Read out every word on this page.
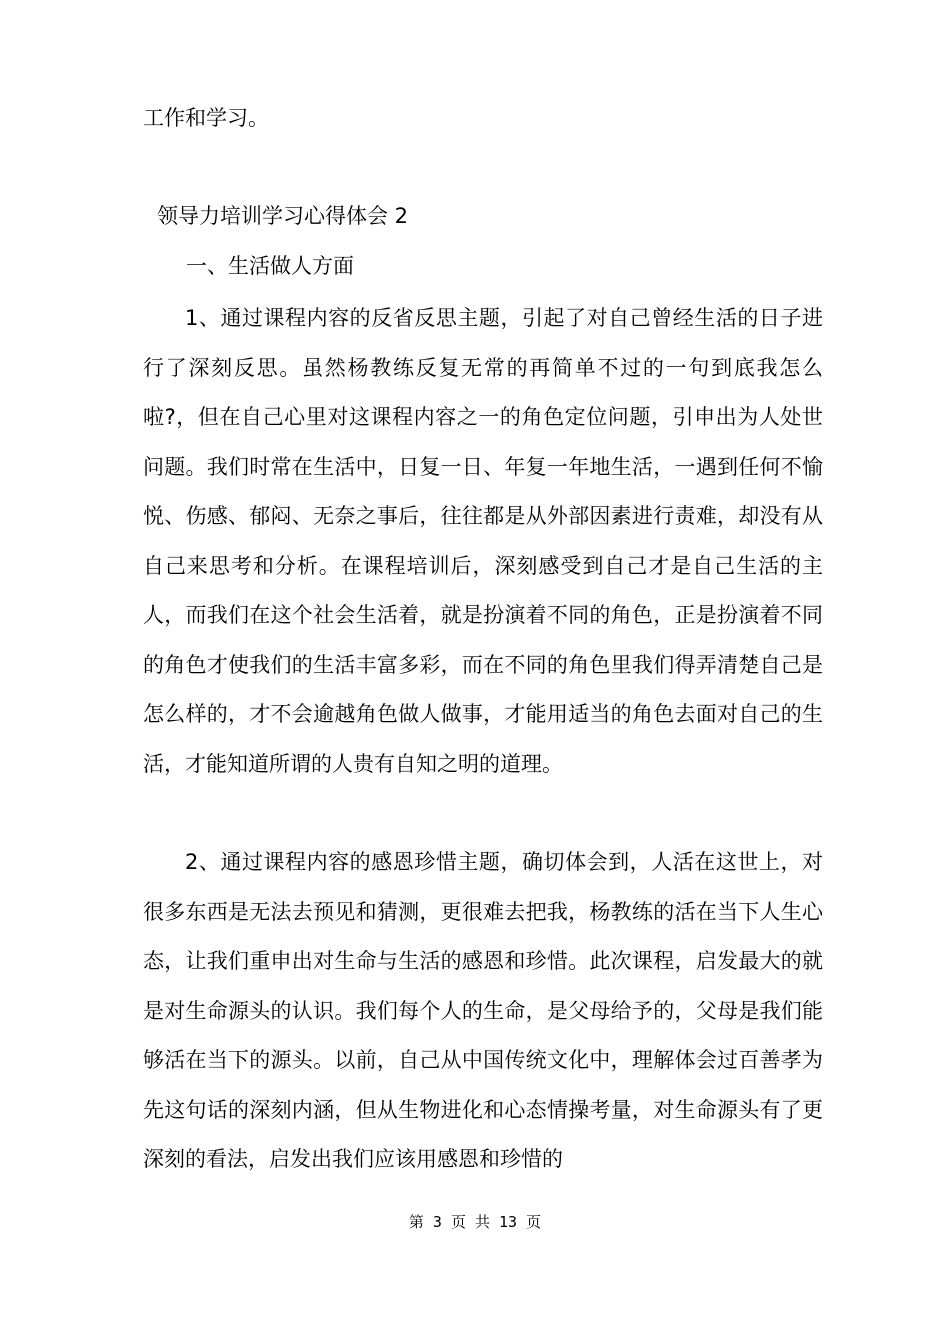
工作和学习。

领导力培训学习心得体会 2

一、生活做人方面

1、通过课程内容的反省反思主题，引起了对自己曾经生活的日子进行了深刻反思。虽然杨教练反复无常的再简单不过的一句到底我怎么啦?，但在自己心里对这课程内容之一的角色定位问题，引申出为人处世问题。我们时常在生活中，日复一日、年复一年地生活，一遇到任何不愉悦、伤感、郁闷、无奈之事后，往往都是从外部因素进行责难，却没有从自己来思考和分析。在课程培训后，深刻感受到自己才是自己生活的主人，而我们在这个社会生活着，就是扮演着不同的角色，正是扮演着不同的角色才使我们的生活丰富多彩，而在不同的角色里我们得弄清楚自己是怎么样的，才不会逾越角色做人做事，才能用适当的角色去面对自己的生活，才能知道所谓的人贵有自知之明的道理。

2、通过课程内容的感恩珍惜主题，确切体会到，人活在这世上，对很多东西是无法去预见和猜测，更很难去把我，杨教练的活在当下人生心态，让我们重申出对生命与生活的感恩和珍惜。此次课程，启发最大的就是对生命源头的认识。我们每个人的生命，是父母给予的，父母是我们能够活在当下的源头。以前，自己从中国传统文化中，理解体会过百善孝为先这句话的深刻内涵，但从生物进化和心态情操考量，对生命源头有了更深刻的看法，启发出我们应该用感恩和珍惜的

第 3 页 共 13 页
